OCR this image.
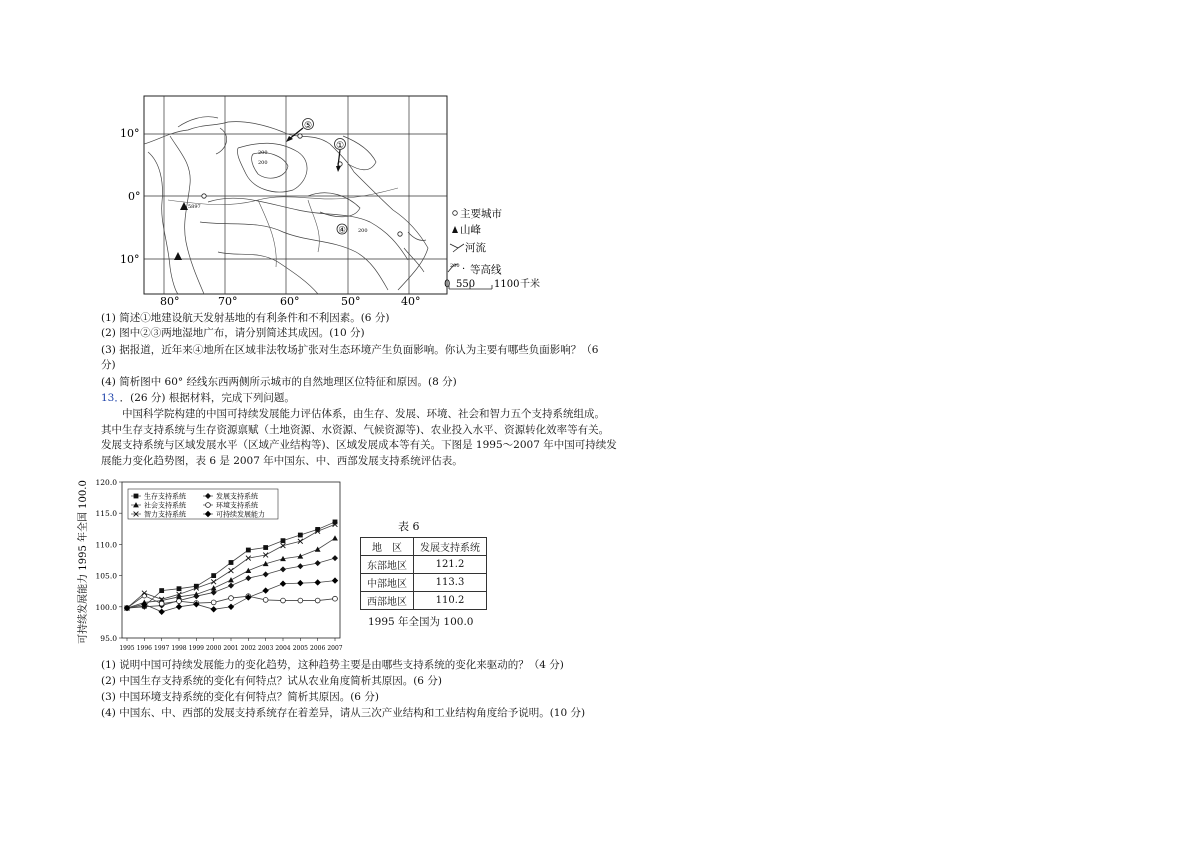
⑤
①
④
5897
200
200
200
10°
0°
10°
80°	70°	60°	50°	40°
主要城市
山峰
河流
200 · 等高线
0 550 1100 千米
(1) 简述①地建设航天发射基地的有利条件和不利因素。(6 分)
(2) 图中②③两地湿地广布，请分别简述其成因。(10 分)
(3) 据报道，近年来④地所在区域非法牧场扩张对生态环境产生负面影响。你认为主要有哪些负面影响？（6
分)
(4) 简析图中 60° 经线东西两侧所示城市的自然地理区位特征和原因。(8 分)
13．．(26 分) 根据材料，完成下列问题。
中国科学院构建的中国可持续发展能力评估体系，由生存、发展、环境、社会和智力五个支持系统组成。
其中生存支持系统与生存资源禀赋（土地资源、水资源、气候资源等)、农业投入水平、资源转化效率等有关。
发展支持系统与区域发展水平（区域产业结构等)、区域发展成本等有关。下图是 1995～2007 年中国可持续发
展能力变化趋势图，表 6 是 2007 年中国东、中、西部发展支持系统评估表。
可持续发展能力 1995 年全国 100.0 95.0
100.0
105.0
110.0
115.0
120.0
1995 1996 1997 1998 1999 2000 2001 2002 2003 2004 2005 2006 2007
生存支持系统	发展支持系统
社会支持系统	环境支持系统
智力支持系统	可持续发展能力
表 6
地　区	发展支持系统
东部地区	121.2
中部地区	113.3
西部地区	110.2
1995 年全国为 100.0
(1) 说明中国可持续发展能力的变化趋势，这种趋势主要是由哪些支持系统的变化来驱动的？（4 分)
(2) 中国生存支持系统的变化有何特点？试从农业角度简析其原因。(6 分)
(3) 中国环境支持系统的变化有何特点？简析其原因。(6 分)
(4) 中国东、中、西部的发展支持系统存在着差异，请从三次产业结构和工业结构角度给予说明。(10 分)
